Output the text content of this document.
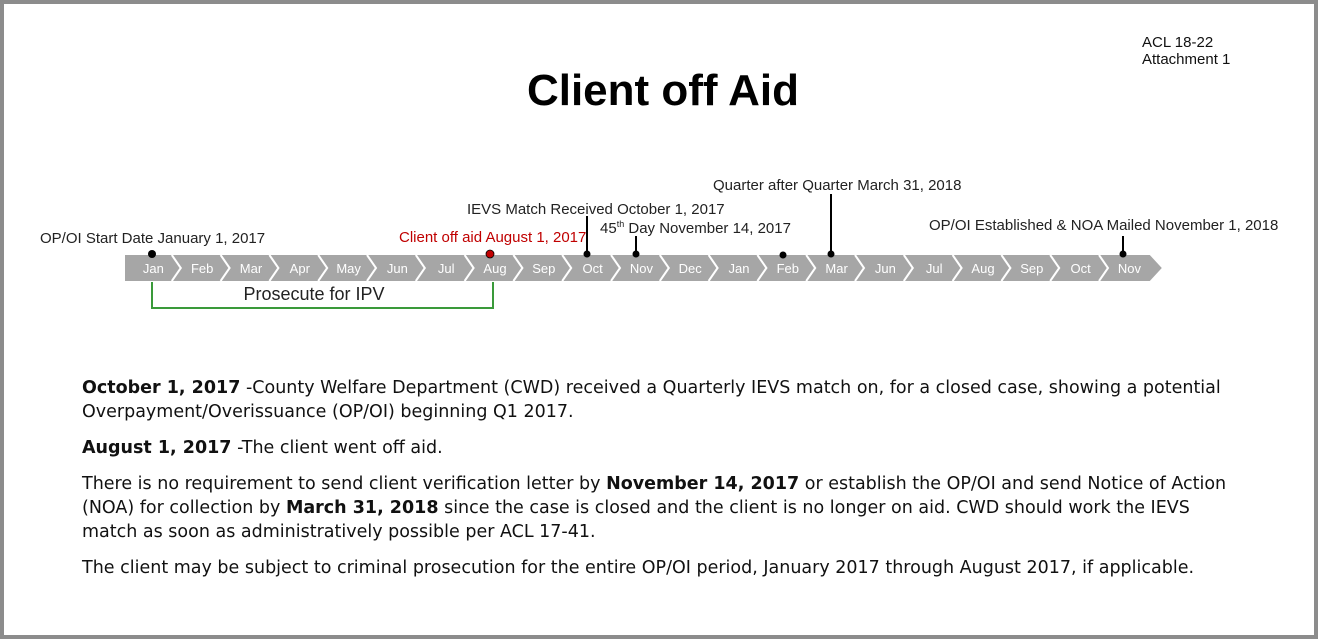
ACL 18-22
Attachment 1
Client off Aid
Jan Feb Mar Apr May Jun Jul Aug Sep Oct Nov Dec Jan Feb Mar Jun Jul Aug Sep Oct Nov
OP/OI Start Date January 1, 2017	Client off aid August 1, 2017
IEVS Match Received October 1, 2017
45th Day November 14, 2017
Quarter after Quarter March 31, 2018
OP/OI Established & NOA Mailed November 1, 2018
Prosecute for IPV

October 1, 2017 -County Welfare Department (CWD) received a Quarterly IEVS match on, for a closed case, showing a potential Overpayment/Overissuance (OP/OI) beginning Q1 2017.

August 1, 2017 -The client went off aid.

There is no requirement to send client verification letter by November 14, 2017 or establish the OP/OI and send Notice of Action (NOA) for collection by March 31, 2018 since the case is closed and the client is no longer on aid. CWD should work the IEVS match as soon as administratively possible per ACL 17-41.

The client may be subject to criminal prosecution for the entire OP/OI period, January 2017 through August 2017, if applicable.
